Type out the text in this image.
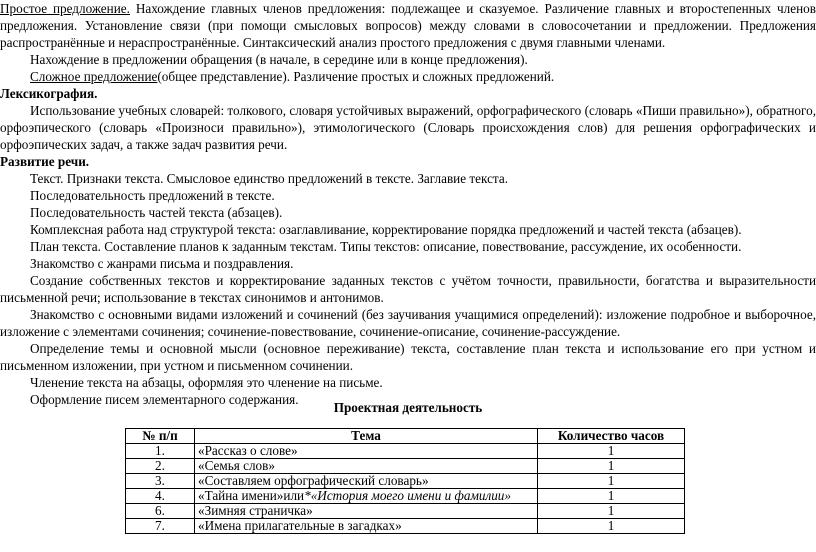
Простое предложение. Нахождение главных членов предложения: подлежащее и сказуемое. Различение главных и второстепенных членов предложения. Установление связи (при помощи смысловых вопросов) между словами в словосочетании и предложении. Предложения распространённые и нераспространённые. Синтаксический анализ простого предложения с двумя главными членами.

Нахождение в предложении обращения (в начале, в середине или в конце предложения).

Сложное предложение(общее представление). Различение простых и сложных предложений.

Лексикография.

Использование учебных словарей: толкового, словаря устойчивых выражений, орфографического (словарь «Пиши правильно»), обратного, орфоэпического (словарь «Произноси правильно»), этимологического (Словарь происхождения слов) для решения орфографических и орфоэпических задач, а также задач развития речи.

Развитие речи.

Текст. Признаки текста. Смысловое единство предложений в тексте. Заглавие текста.

Последовательность предложений в тексте.

Последовательность частей текста (абзацев).

Комплексная работа над структурой текста: озаглавливание, корректирование порядка предложений и частей текста (абзацев).

План текста. Составление планов к заданным текстам. Типы текстов: описание, повествование, рассуждение, их особенности.

Знакомство с жанрами письма и поздравления.

Создание собственных текстов и корректирование заданных текстов с учётом точности, правильности, богатства и выразительности письменной речи; использование в текстах синонимов и антонимов.

Знакомство с основными видами изложений и сочинений (без заучивания учащимися определений): изложение подробное и выборочное, изложение с элементами сочинения; сочинение-повествование, сочинение-описание, сочинение-рассуждение.

Определение темы и основной мысли (основное переживание) текста, составление план текста и использование его при устном и письменном изложении, при устном и письменном сочинении.

Членение текста на абзацы, оформляя это членение на письме.

Оформление писем элементарного содержания.

Проектная деятельность
№ п/п	Тема	Количество часов
1.	«Рассказ о слове»	1
2.	«Семья слов»	1
3.	«Составляем орфографический словарь»	1
4.	«Тайна имени»или*«История моего имени и фамилии»	1
6.	«Зимняя страничка»	1
7.	«Имена прилагательные в загадках»	1
